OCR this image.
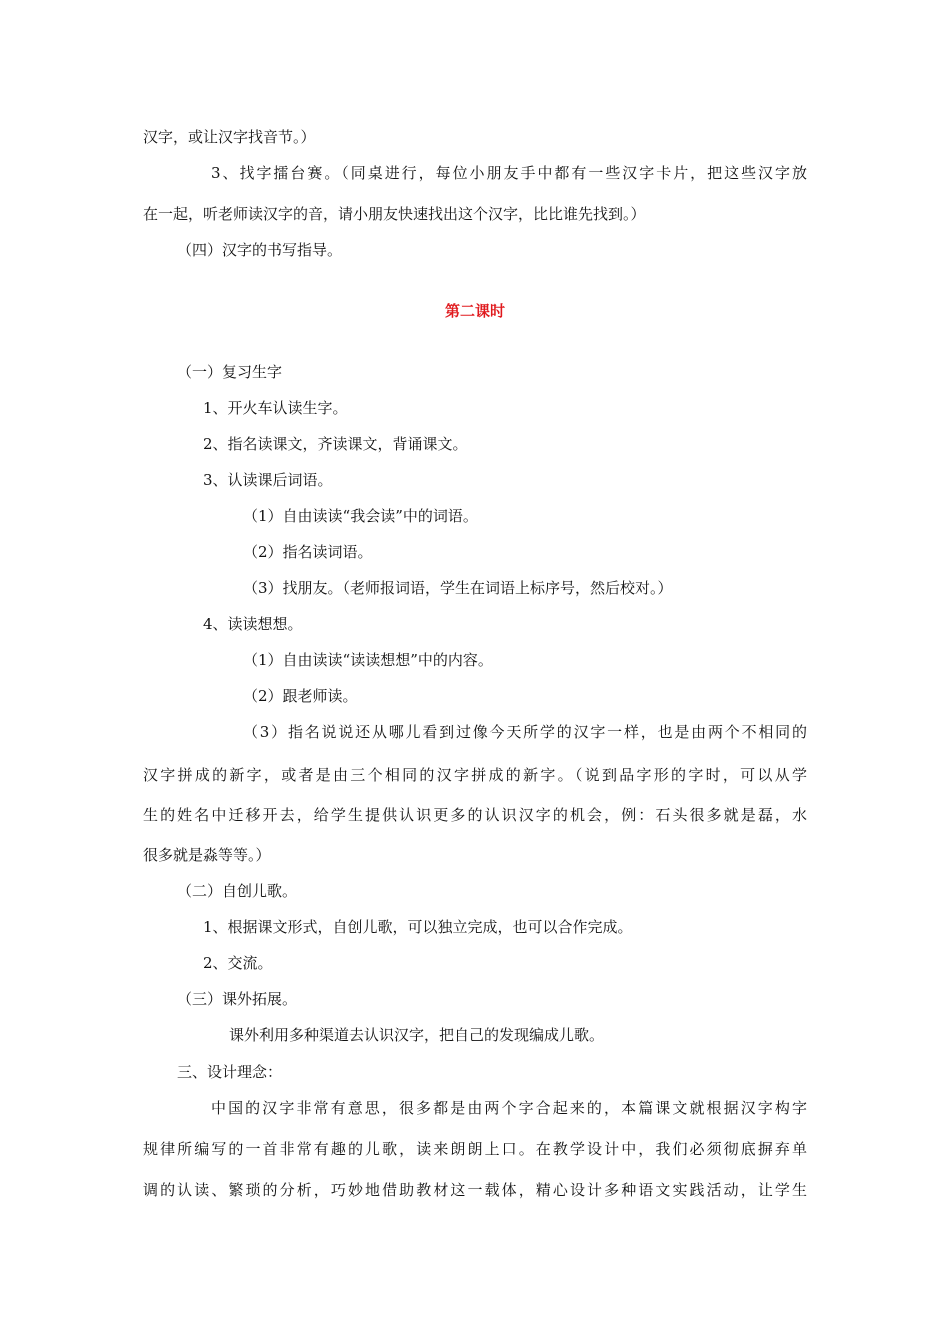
汉字，或让汉字找音节。）
3、找字擂台赛。（同桌进行，每位小朋友手中都有一些汉字卡片，把这些汉字放
在一起，听老师读汉字的音，请小朋友快速找出这个汉字，比比谁先找到。）
（四）汉字的书写指导。
第二课时
（一）复习生字
1、开火车认读生字。
2、指名读课文，齐读课文，背诵课文。
3、认读课后词语。
（1）自由读读“我会读”中的词语。
（2）指名读词语。
（3）找朋友。（老师报词语，学生在词语上标序号，然后校对。）
4、读读想想。
（1）自由读读“读读想想”中的内容。
（2）跟老师读。
（3）指名说说还从哪儿看到过像今天所学的汉字一样，也是由两个不相同的
汉字拼成的新字，或者是由三个相同的汉字拼成的新字。（说到品字形的字时，可以从学
生的姓名中迁移开去，给学生提供认识更多的认识汉字的机会，例：石头很多就是磊，水
很多就是淼等等。）
（二）自创儿歌。
1、根据课文形式，自创儿歌，可以独立完成，也可以合作完成。
2、交流。
（三）课外拓展。
课外利用多种渠道去认识汉字，把自己的发现编成儿歌。
三、设计理念：
中国的汉字非常有意思，很多都是由两个字合起来的，本篇课文就根据汉字构字
规律所编写的一首非常有趣的儿歌，读来朗朗上口。在教学设计中，我们必须彻底摒弃单
调的认读、繁琐的分析，巧妙地借助教材这一载体，精心设计多种语文实践活动，让学生
